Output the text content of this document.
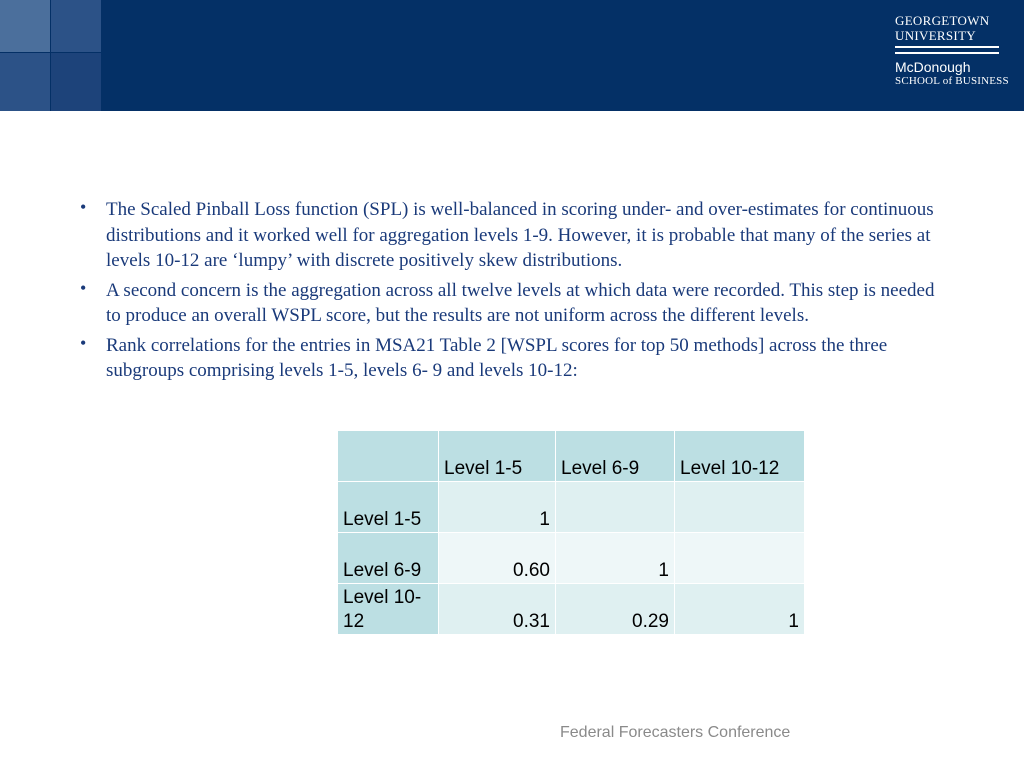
GEORGETOWN
UNIVERSITY
McDonough
SCHOOL of BUSINESS
• The Scaled Pinball Loss function (SPL) is well-balanced in scoring under- and over-estimates for continuous distributions and it worked well for aggregation levels 1-9. However, it is probable that many of the series at levels 10-12 are ‘lumpy’ with discrete positively skew distributions.
• A second concern is the aggregation across all twelve levels at which data were recorded. This step is needed to produce an overall WSPL score, but the results are not uniform across the different levels.
• Rank correlations for the entries in MSA21 Table 2 [WSPL scores for top 50 methods] across the three subgroups comprising levels 1-5, levels 6- 9 and levels 10-12:
	Level 1-5	Level 6-9	Level 10-12
Level 1-5	1		
Level 6-9	0.60	1	
Level 10-12	0.31	0.29	1
Federal Forecasters Conference
